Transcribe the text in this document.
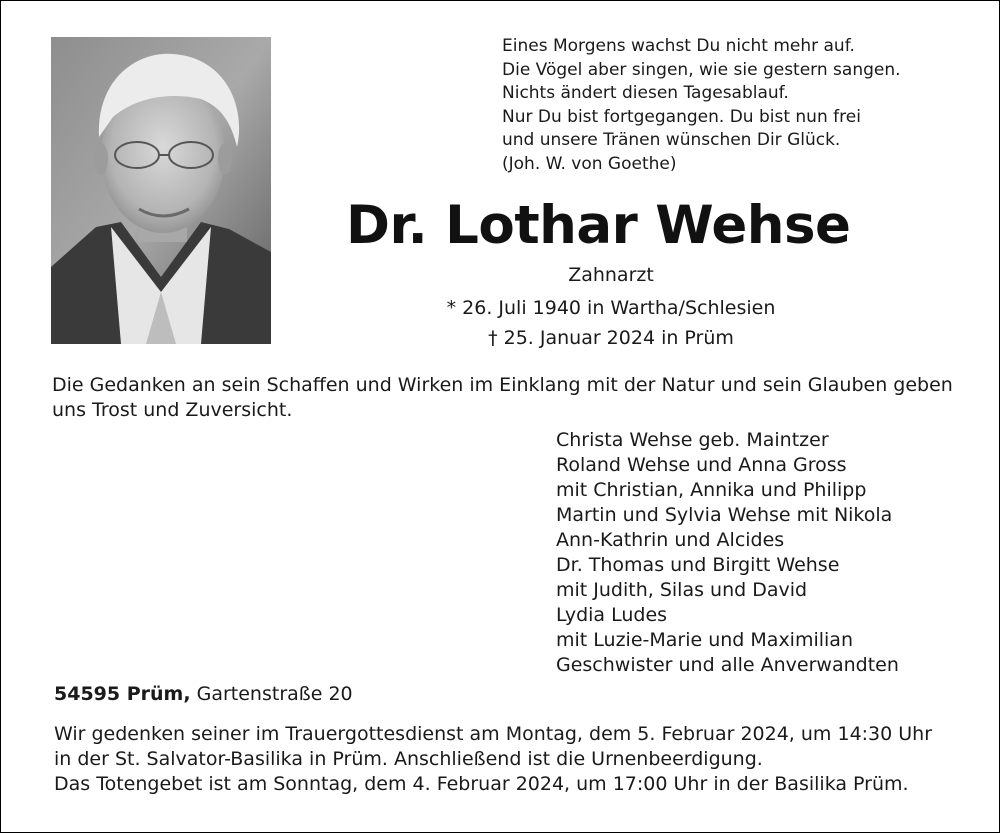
Eines Morgens wachst Du nicht mehr auf.
Die Vögel aber singen, wie sie gestern sangen.
Nichts ändert diesen Tagesablauf.
Nur Du bist fortgegangen. Du bist nun frei
und unsere Tränen wünschen Dir Glück.
(Joh. W. von Goethe)
Dr. Lothar Wehse
Zahnarzt
* 26. Juli 1940 in Wartha/Schlesien
† 25. Januar 2024 in Prüm

Die Gedanken an sein Schaffen und Wirken im Einklang mit der Natur und sein Glauben geben uns Trost und Zuversicht.

Christa Wehse geb. Maintzer
Roland Wehse und Anna Gross
mit Christian, Annika und Philipp
Martin und Sylvia Wehse mit Nikola
Ann-Kathrin und Alcides
Dr. Thomas und Birgitt Wehse
mit Judith, Silas und David
Lydia Ludes
mit Luzie-Marie und Maximilian
Geschwister und alle Anverwandten
54595 Prüm, Gartenstraße 20
Wir gedenken seiner im Trauergottesdienst am Montag, dem 5. Februar 2024, um 14:30 Uhr
in der St. Salvator-Basilika in Prüm. Anschließend ist die Urnenbeerdigung.
Das Totengebet ist am Sonntag, dem 4. Februar 2024, um 17:00 Uhr in der Basilika Prüm.
